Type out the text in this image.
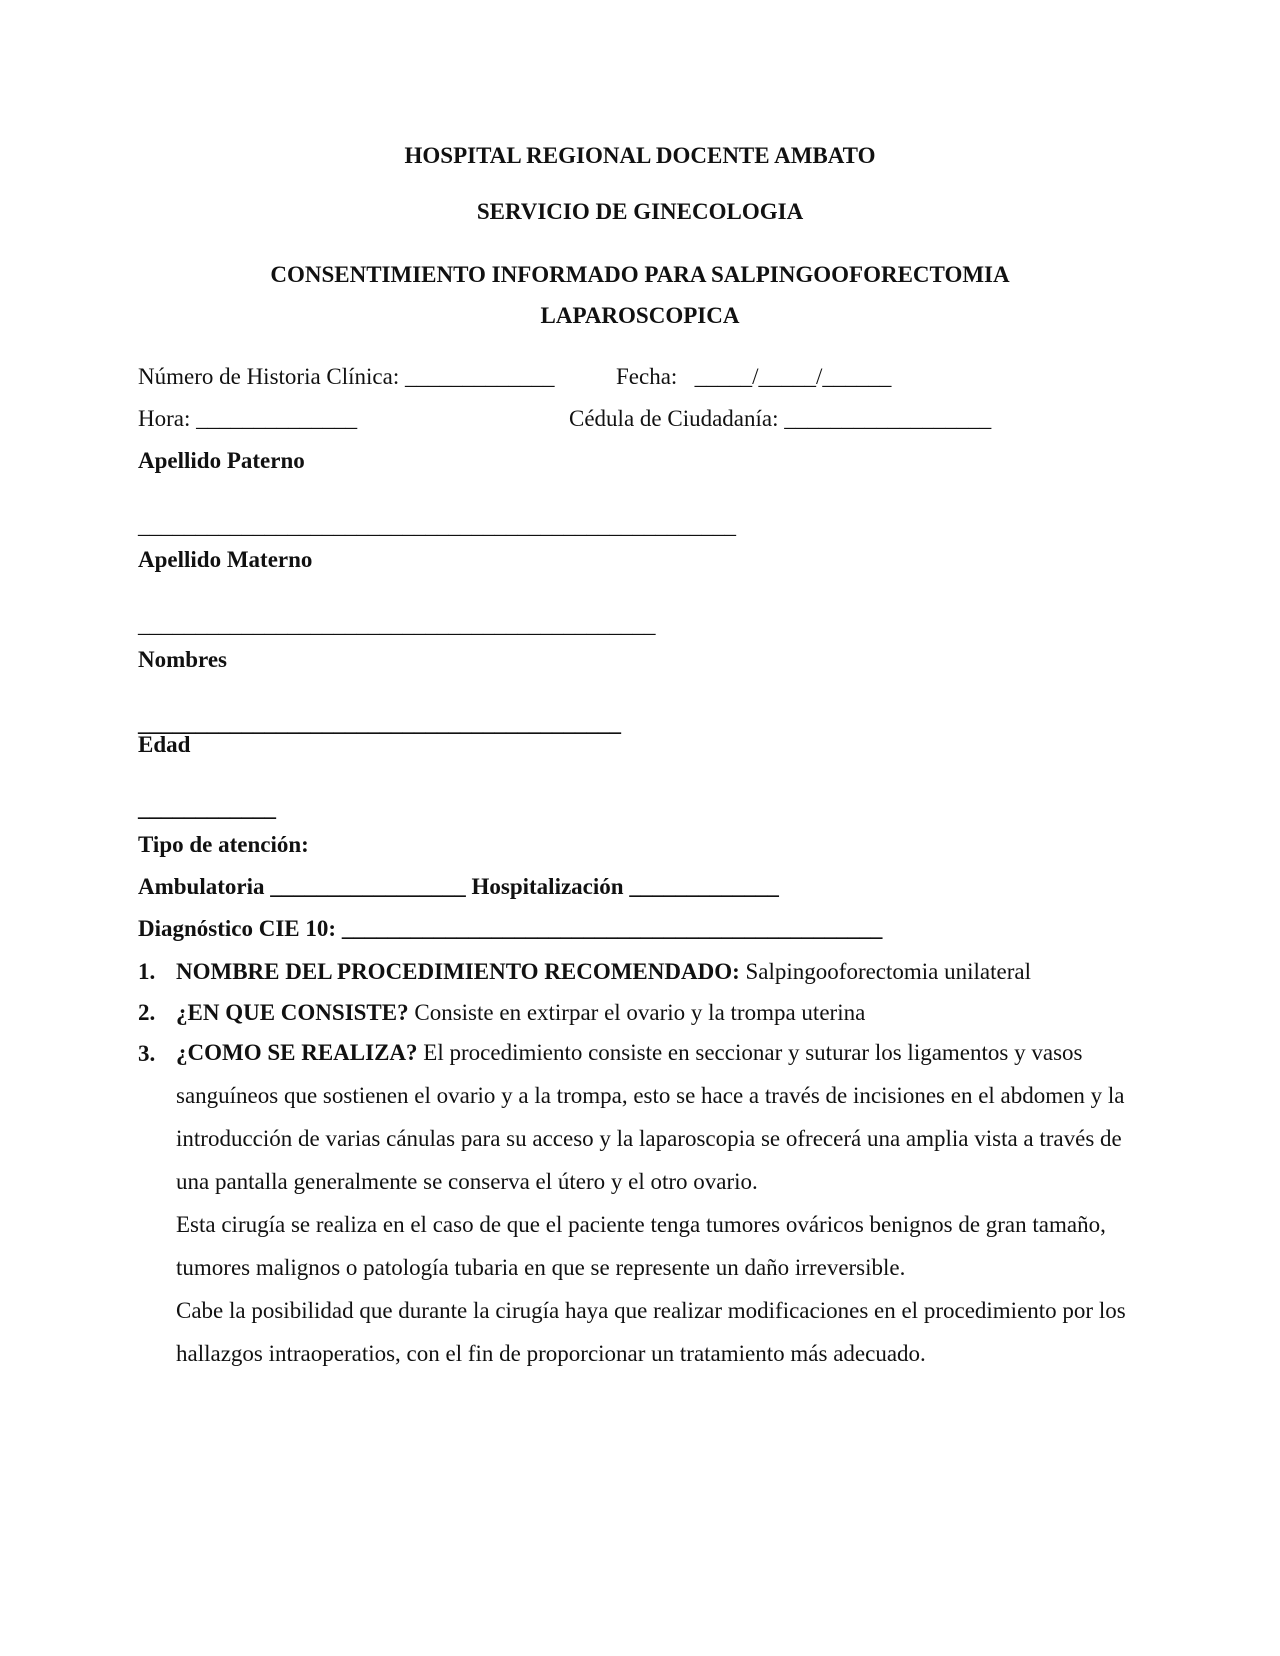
HOSPITAL REGIONAL DOCENTE AMBATO
SERVICIO DE GINECOLOGIA
CONSENTIMIENTO INFORMADO PARA SALPINGOOFORECTOMIA
LAPAROSCOPICA
Número de Historia Clínica: _____________	Fecha: _____/_____/______
Hora: ______________	Cédula de Ciudadanía: __________________
Apellido Paterno
____________________________________________________
Apellido Materno
_____________________________________________
Nombres
__________________________________________
Edad
____________
Tipo de atención:
Ambulatoria _________________ Hospitalización _____________
Diagnóstico CIE 10: _______________________________________________
1. NOMBRE DEL PROCEDIMIENTO RECOMENDADO: Salpingooforectomia unilateral
2. ¿EN QUE CONSISTE? Consiste en extirpar el ovario y la trompa uterina
3. ¿COMO SE REALIZA? El procedimiento consiste en seccionar y suturar los ligamentos y vasos sanguíneos que sostienen el ovario y a la trompa, esto se hace a través de incisiones en el abdomen y la introducción de varias cánulas para su acceso y la laparoscopia se ofrecerá una amplia vista a través de una pantalla generalmente se conserva el útero y el otro ovario.

Esta cirugía se realiza en el caso de que el paciente tenga tumores ováricos benignos de gran tamaño, tumores malignos o patología tubaria en que se represente un daño irreversible.

Cabe la posibilidad que durante la cirugía haya que realizar modificaciones en el procedimiento por los hallazgos intraoperatios, con el fin de proporcionar un tratamiento más adecuado.
